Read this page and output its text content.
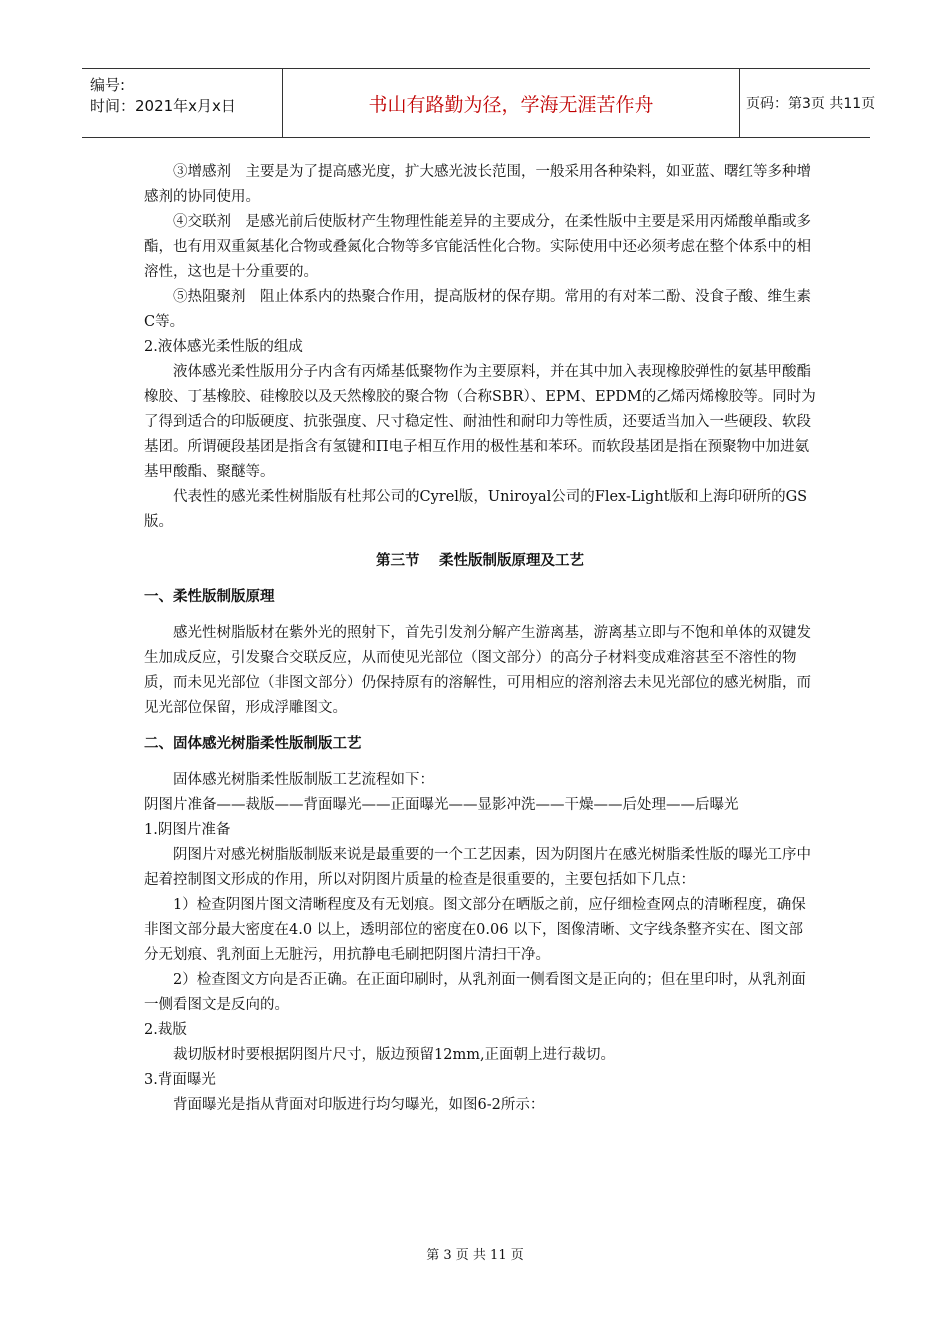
编号:
时间：2021年x月x日	书山有路勤为径，学海无涯苦作舟	页码：第3页 共11页

③增感剂　主要是为了提高感光度，扩大感光波长范围，一般采用各种染料，如亚蓝、曙红等多种增感剂的协同使用。

④交联剂　是感光前后使版材产生物理性能差异的主要成分，在柔性版中主要是采用丙烯酸单酯或多酯，也有用双重氮基化合物或叠氮化合物等多官能活性化合物。实际使用中还必须考虑在整个体系中的相溶性，这也是十分重要的。

⑤热阻聚剂　阻止体系内的热聚合作用，提高版材的保存期。常用的有对苯二酚、没食子酸、维生素C等。

2.液体感光柔性版的组成

液体感光柔性版用分子内含有丙烯基低聚物作为主要原料，并在其中加入表现橡胶弹性的氨基甲酸酯橡胶、丁基橡胶、硅橡胶以及天然橡胶的聚合物（合称SBR）、EPM、EPDM的乙烯丙烯橡胶等。同时为了得到适合的印版硬度、抗张强度、尺寸稳定性、耐油性和耐印力等性质，还要适当加入一些硬段、软段基团。所谓硬段基团是指含有氢键和Π电子相互作用的极性基和苯环。而软段基团是指在预聚物中加进氨基甲酸酯、聚醚等。

代表性的感光柔性树脂版有杜邦公司的Cyrel版，Uniroyal公司的Flex-Light版和上海印研所的GS版。

第三节　 柔性版制版原理及工艺

一、柔性版制版原理

感光性树脂版材在紫外光的照射下，首先引发剂分解产生游离基，游离基立即与不饱和单体的双键发生加成反应，引发聚合交联反应，从而使见光部位（图文部分）的高分子材料变成难溶甚至不溶性的物质，而未见光部位（非图文部分）仍保持原有的溶解性，可用相应的溶剂溶去未见光部位的感光树脂，而见光部位保留，形成浮雕图文。

二、固体感光树脂柔性版制版工艺

固体感光树脂柔性版制版工艺流程如下：

阴图片准备——裁版——背面曝光——正面曝光——显影冲洗——干燥——后处理——后曝光

1.阴图片准备

阴图片对感光树脂版制版来说是最重要的一个工艺因素，因为阴图片在感光树脂柔性版的曝光工序中起着控制图文形成的作用，所以对阴图片质量的检查是很重要的，主要包括如下几点：

1）检查阴图片图文清晰程度及有无划痕。图文部分在晒版之前，应仔细检查网点的清晰程度，确保非图文部分最大密度在4.0 以上，透明部位的密度在0.06 以下，图像清晰、文字线条整齐实在、图文部分无划痕、乳剂面上无脏污，用抗静电毛刷把阴图片清扫干净。

2）检查图文方向是否正确。在正面印刷时，从乳剂面一侧看图文是正向的；但在里印时，从乳剂面一侧看图文是反向的。

2.裁版

裁切版材时要根据阴图片尺寸，版边预留12mm,正面朝上进行裁切。

3.背面曝光

背面曝光是指从背面对印版进行均匀曝光，如图6-2所示：

第 3 页 共 11 页
